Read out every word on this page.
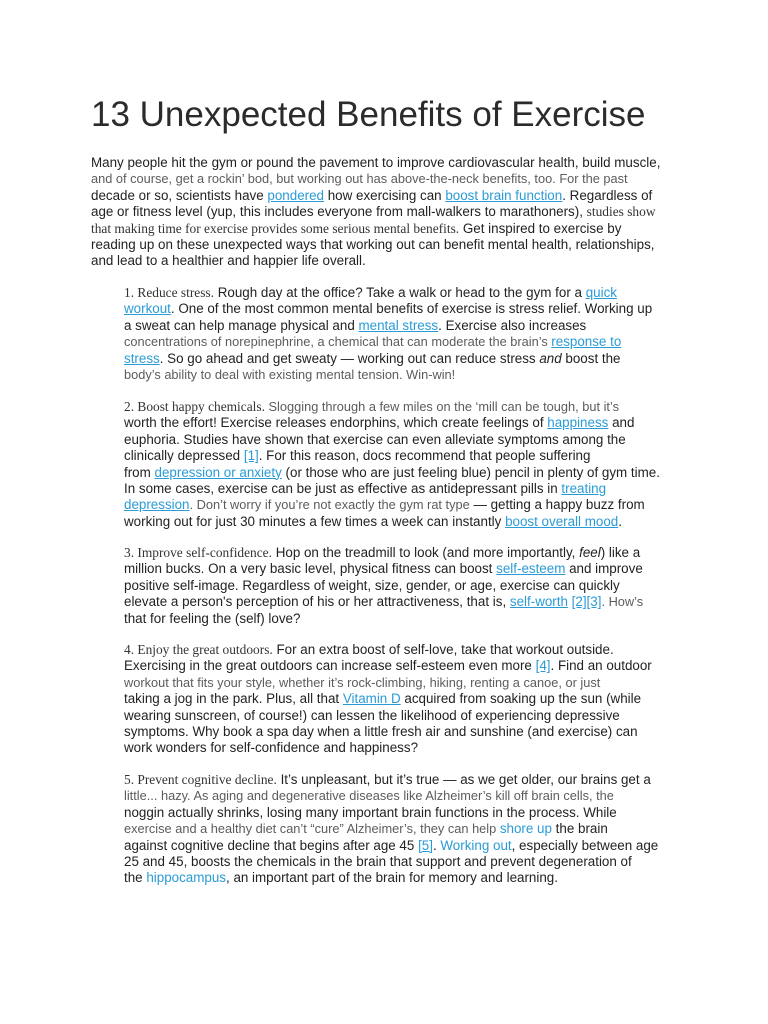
13 Unexpected Benefits of Exercise
Many people hit the gym or pound the pavement to improve cardiovascular health, build muscle,
and of course, get a rockin’ bod, but working out has above-the-neck benefits, too. For the past
decade or so, scientists have pondered how exercising can boost brain function. Regardless of
age or fitness level (yup, this includes everyone from mall-walkers to marathoners), studies show
that making time for exercise provides some serious mental benefits. Get inspired to exercise by
reading up on these unexpected ways that working out can benefit mental health, relationships,
and lead to a healthier and happier life overall.
1. Reduce stress. Rough day at the office? Take a walk or head to the gym for a quick
workout. One of the most common mental benefits of exercise is stress relief. Working up
a sweat can help manage physical and mental stress. Exercise also increases
concentrations of norepinephrine, a chemical that can moderate the brain’s response to
stress. So go ahead and get sweaty — working out can reduce stress and boost the
body’s ability to deal with existing mental tension. Win-win!
2. Boost happy chemicals. Slogging through a few miles on the ‘mill can be tough, but it’s
worth the effort! Exercise releases endorphins, which create feelings of happiness and
euphoria. Studies have shown that exercise can even alleviate symptoms among the
clinically depressed [1]. For this reason, docs recommend that people suffering
from depression or anxiety (or those who are just feeling blue) pencil in plenty of gym time.
In some cases, exercise can be just as effective as antidepressant pills in treating
depression. Don’t worry if you’re not exactly the gym rat type — getting a happy buzz from
working out for just 30 minutes a few times a week can instantly boost overall mood.
3. Improve self-confidence. Hop on the treadmill to look (and more importantly, feel) like a
million bucks. On a very basic level, physical fitness can boost self-esteem and improve
positive self-image. Regardless of weight, size, gender, or age, exercise can quickly
elevate a person's perception of his or her attractiveness, that is, self-worth [2][3]. How’s
that for feeling the (self) love?
4. Enjoy the great outdoors. For an extra boost of self-love, take that workout outside.
Exercising in the great outdoors can increase self-esteem even more [4]. Find an outdoor
workout that fits your style, whether it’s rock-climbing, hiking, renting a canoe, or just
taking a jog in the park. Plus, all that Vitamin D acquired from soaking up the sun (while
wearing sunscreen, of course!) can lessen the likelihood of experiencing depressive
symptoms. Why book a spa day when a little fresh air and sunshine (and exercise) can
work wonders for self-confidence and happiness?
5. Prevent cognitive decline. It’s unpleasant, but it’s true — as we get older, our brains get a
little... hazy. As aging and degenerative diseases like Alzheimer’s kill off brain cells, the
noggin actually shrinks, losing many important brain functions in the process. While
exercise and a healthy diet can’t “cure” Alzheimer’s, they can help shore up the brain
against cognitive decline that begins after age 45 [5]. Working out, especially between age
25 and 45, boosts the chemicals in the brain that support and prevent degeneration of
the hippocampus, an important part of the brain for memory and learning.
